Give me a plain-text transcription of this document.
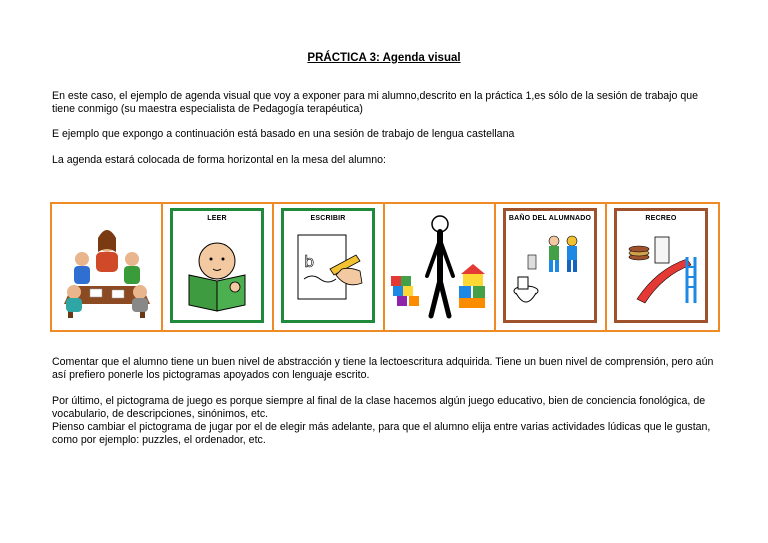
PRÁCTICA 3: Agenda visual

En este caso, el ejemplo de agenda visual que voy a exponer para mi alumno,descrito en la práctica 1,es sólo de la sesión de trabajo que tiene conmigo (su maestra especialista de Pedagogía terapéutica)

E ejemplo que expongo a continuación está basado en una sesión de trabajo de lengua castellana

La agenda estará colocada de forma horizontal en la mesa del alumno:

LEER	ESCRIBIR
b
BAÑO DEL ALUMNADO	RECREO

Comentar que el alumno tiene un buen nivel de abstracción y tiene la lectoescritura adquirida. Tiene un buen nivel de comprensión, pero aún así prefiero ponerle los pictogramas apoyados con lenguaje escrito.

Por último, el pictograma de juego es porque siempre al final de la clase hacemos algún juego educativo, bien de conciencia fonológica, de vocabulario, de descripciones, sinónimos, etc.

Pienso cambiar el pictograma de jugar por el de elegir más adelante, para que el alumno elija entre varias actividades lúdicas que le gustan, como por ejemplo: puzzles, el ordenador, etc.
